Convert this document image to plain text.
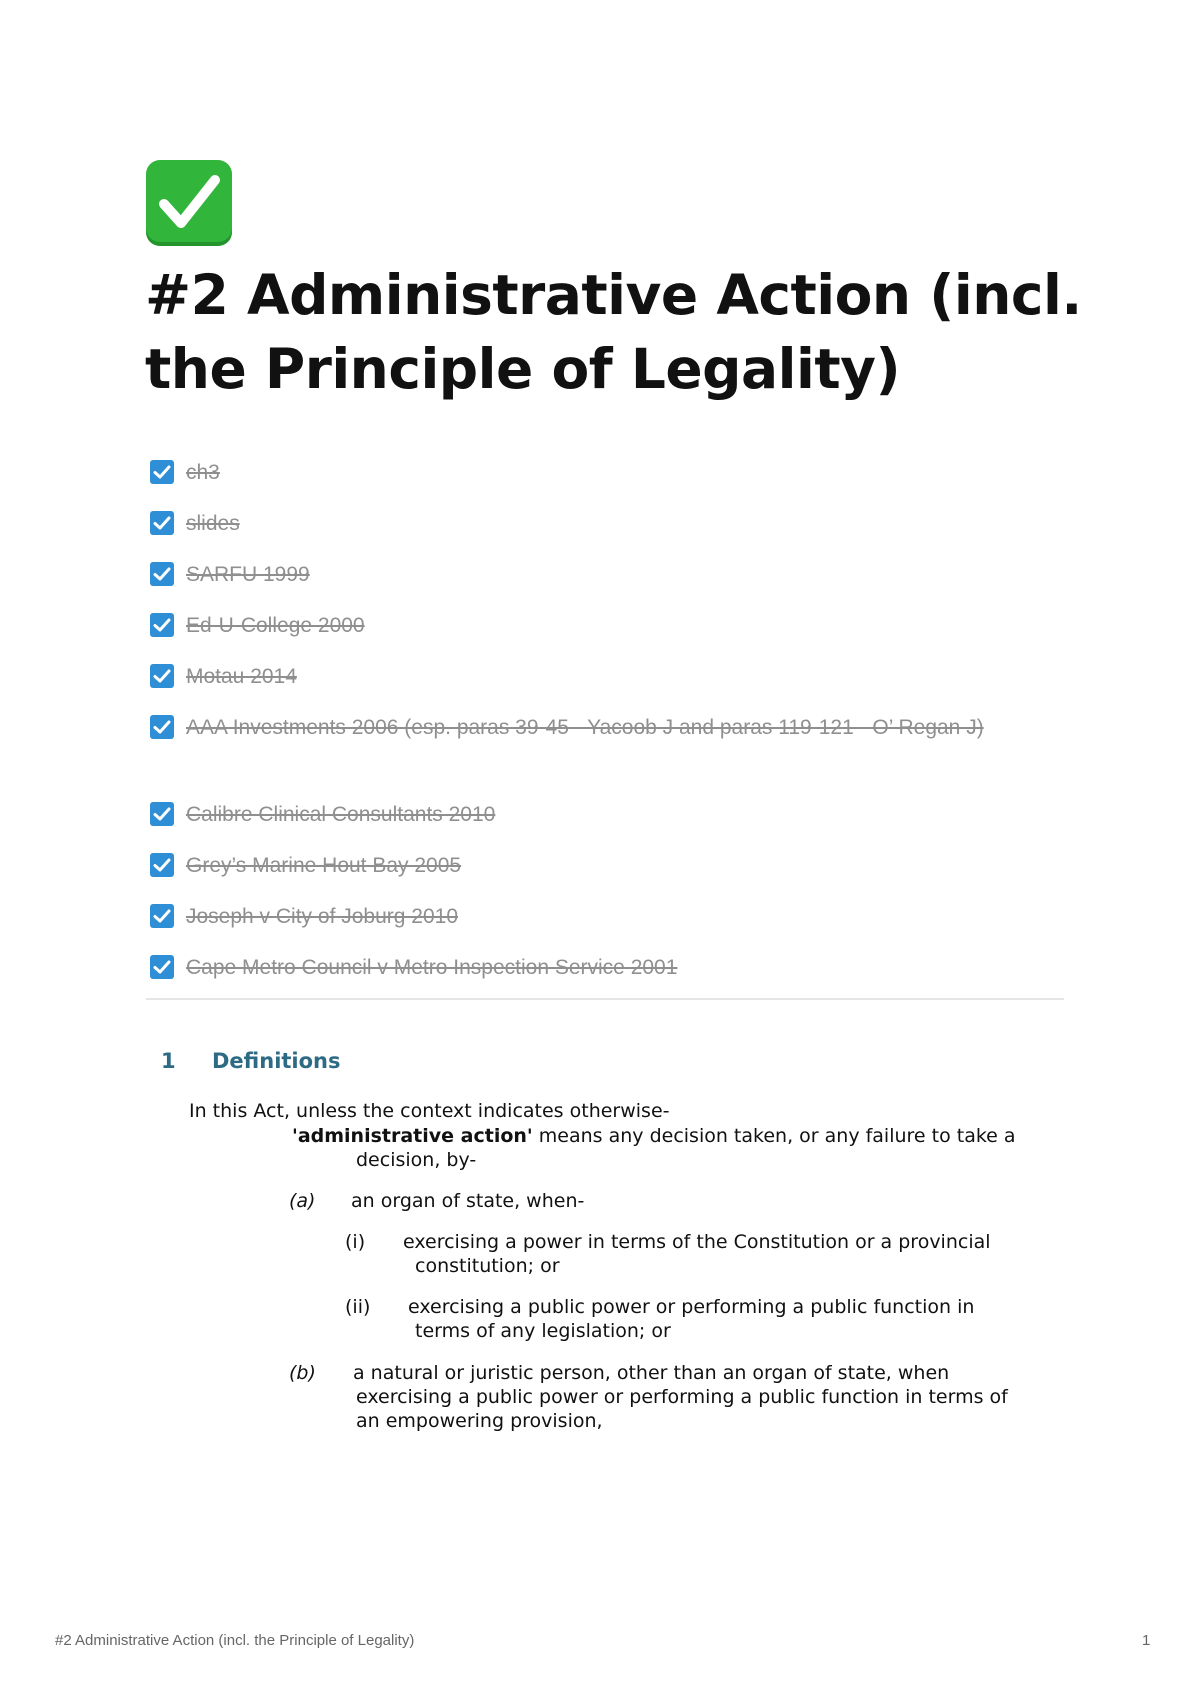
#2 Administrative Action (incl. the Principle of Legality)
ch3
slides
SARFU 1999
Ed-U-College 2000
Motau 2014
AAA Investments 2006 (esp. paras 39-45 - Yacoob J and paras 119-121 - O’ Regan J)
Calibre Clinical Consultants 2010
Grey’s Marine Hout Bay 2005
Joseph v City of Joburg 2010
Cape Metro Council v Metro Inspection Service 2001
1 Definitions

In this Act, unless the context indicates otherwise-

'administrative action' means any decision taken, or any failure to take a

decision, by-

(a) an organ of state, when-

(i) exercising a power in terms of the Constitution or a provincial

constitution; or

(ii) exercising a public power or performing a public function in

terms of any legislation; or

(b) a natural or juristic person, other than an organ of state, when

exercising a public power or performing a public function in terms of

an empowering provision,

#2 Administrative Action (incl. the Principle of Legality)	1
